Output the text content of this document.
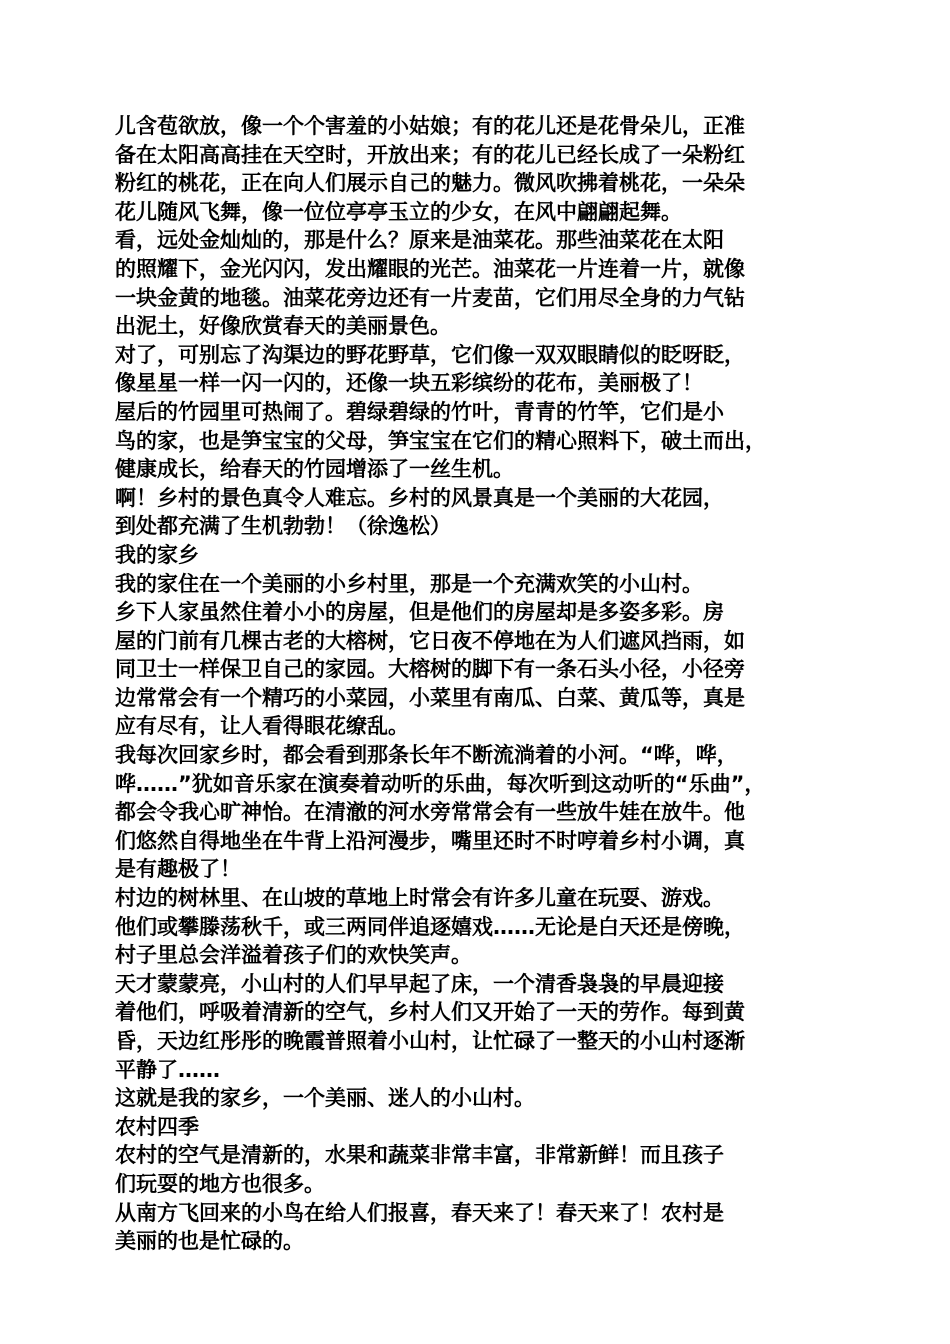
儿含苞欲放，像一个个害羞的小姑娘；有的花儿还是花骨朵儿，正准
备在太阳高高挂在天空时，开放出来；有的花儿已经长成了一朵粉红
粉红的桃花，正在向人们展示自己的魅力。微风吹拂着桃花，一朵朵
花儿随风飞舞，像一位位亭亭玉立的少女，在风中翩翩起舞。
看，远处金灿灿的，那是什么？原来是油菜花。那些油菜花在太阳
的照耀下，金光闪闪，发出耀眼的光芒。油菜花一片连着一片，就像
一块金黄的地毯。油菜花旁边还有一片麦苗，它们用尽全身的力气钻
出泥土，好像欣赏春天的美丽景色。
对了，可别忘了沟渠边的野花野草，它们像一双双眼睛似的眨呀眨，
像星星一样一闪一闪的，还像一块五彩缤纷的花布，美丽极了！
屋后的竹园里可热闹了。碧绿碧绿的竹叶，青青的竹竿，它们是小
鸟的家，也是笋宝宝的父母，笋宝宝在它们的精心照料下，破土而出，
健康成长，给春天的竹园增添了一丝生机。
啊！乡村的景色真令人难忘。乡村的风景真是一个美丽的大花园，
到处都充满了生机勃勃！（徐逸松）
我的家乡
我的家住在一个美丽的小乡村里，那是一个充满欢笑的小山村。
乡下人家虽然住着小小的房屋，但是他们的房屋却是多姿多彩。房
屋的门前有几棵古老的大榕树，它日夜不停地在为人们遮风挡雨，如
同卫士一样保卫自己的家园。大榕树的脚下有一条石头小径，小径旁
边常常会有一个精巧的小菜园，小菜里有南瓜、白菜、黄瓜等，真是
应有尽有，让人看得眼花缭乱。
我每次回家乡时，都会看到那条长年不断流淌着的小河。“哗，哗，
哗……”犹如音乐家在演奏着动听的乐曲，每次听到这动听的“乐曲”，
都会令我心旷神怡。在清澈的河水旁常常会有一些放牛娃在放牛。他
们悠然自得地坐在牛背上沿河漫步，嘴里还时不时哼着乡村小调，真
是有趣极了！
村边的树林里、在山坡的草地上时常会有许多儿童在玩耍、游戏。
他们或攀滕荡秋千，或三两同伴追逐嬉戏……无论是白天还是傍晚，
村子里总会洋溢着孩子们的欢快笑声。
天才蒙蒙亮，小山村的人们早早起了床，一个清香袅袅的早晨迎接
着他们，呼吸着清新的空气，乡村人们又开始了一天的劳作。每到黄
昏，天边红彤彤的晚霞普照着小山村，让忙碌了一整天的小山村逐渐
平静了……
这就是我的家乡，一个美丽、迷人的小山村。
农村四季
农村的空气是清新的，水果和蔬菜非常丰富，非常新鲜！而且孩子
们玩耍的地方也很多。
从南方飞回来的小鸟在给人们报喜，春天来了！春天来了！农村是
美丽的也是忙碌的。
